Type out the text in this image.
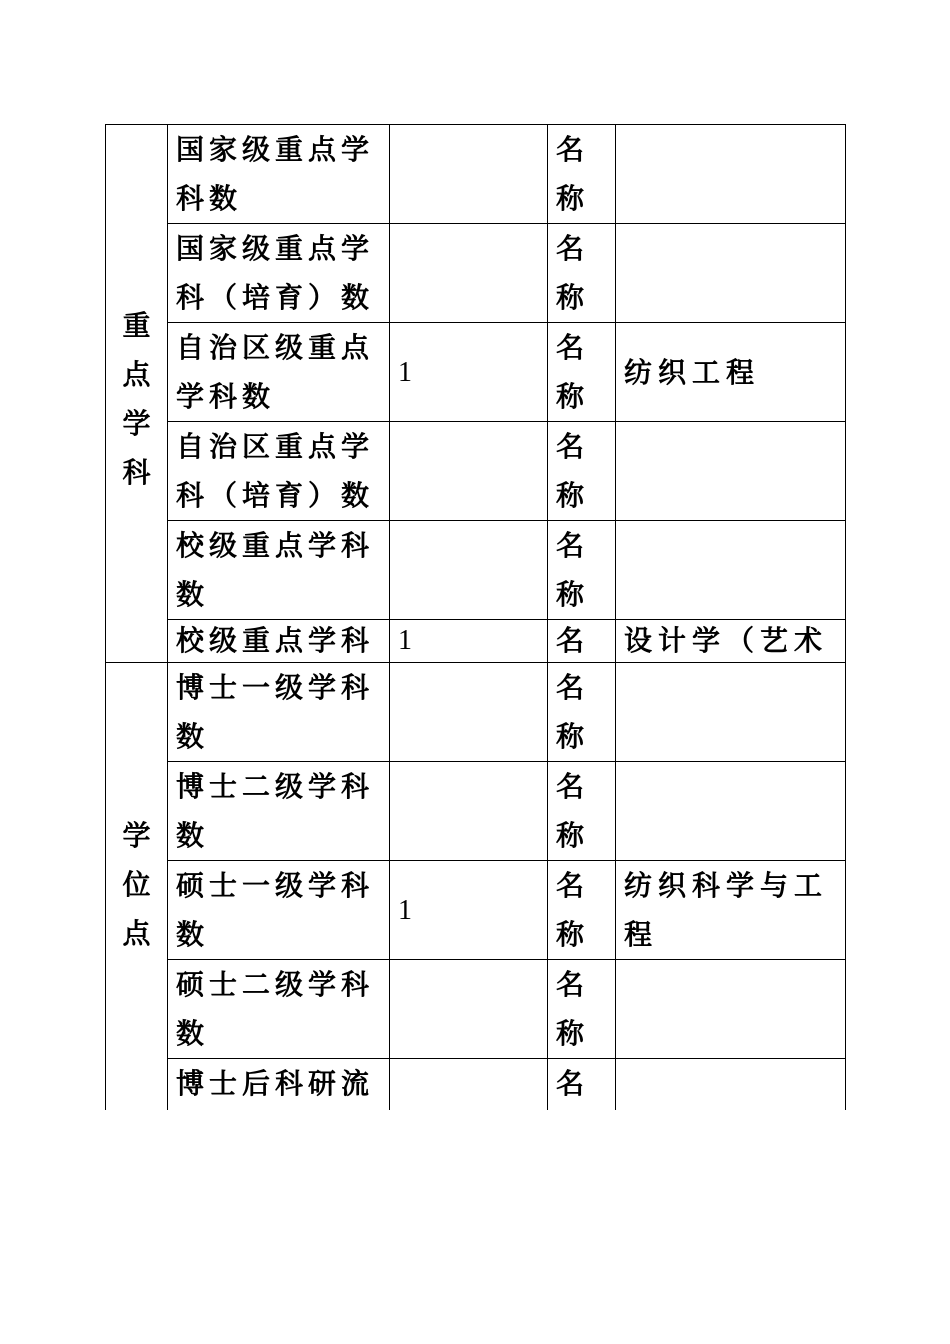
重点学科	国家级重点学科数		名称	

	国家级重点学科（培育）数		名称	

	自治区级重点学科数	1	名称	纺织工程
	自治区重点学科（培育）数		名称	

	校级重点学科数		名称	

	校级重点学科	1	名	设计学（艺术

学位点	博士一级学科数		名称	

	博士二级学科数		名称	

	硕士一级学科数	1	名称	纺织科学与工程
	硕士二级学科数		名称	

	博士后科研流		名	
